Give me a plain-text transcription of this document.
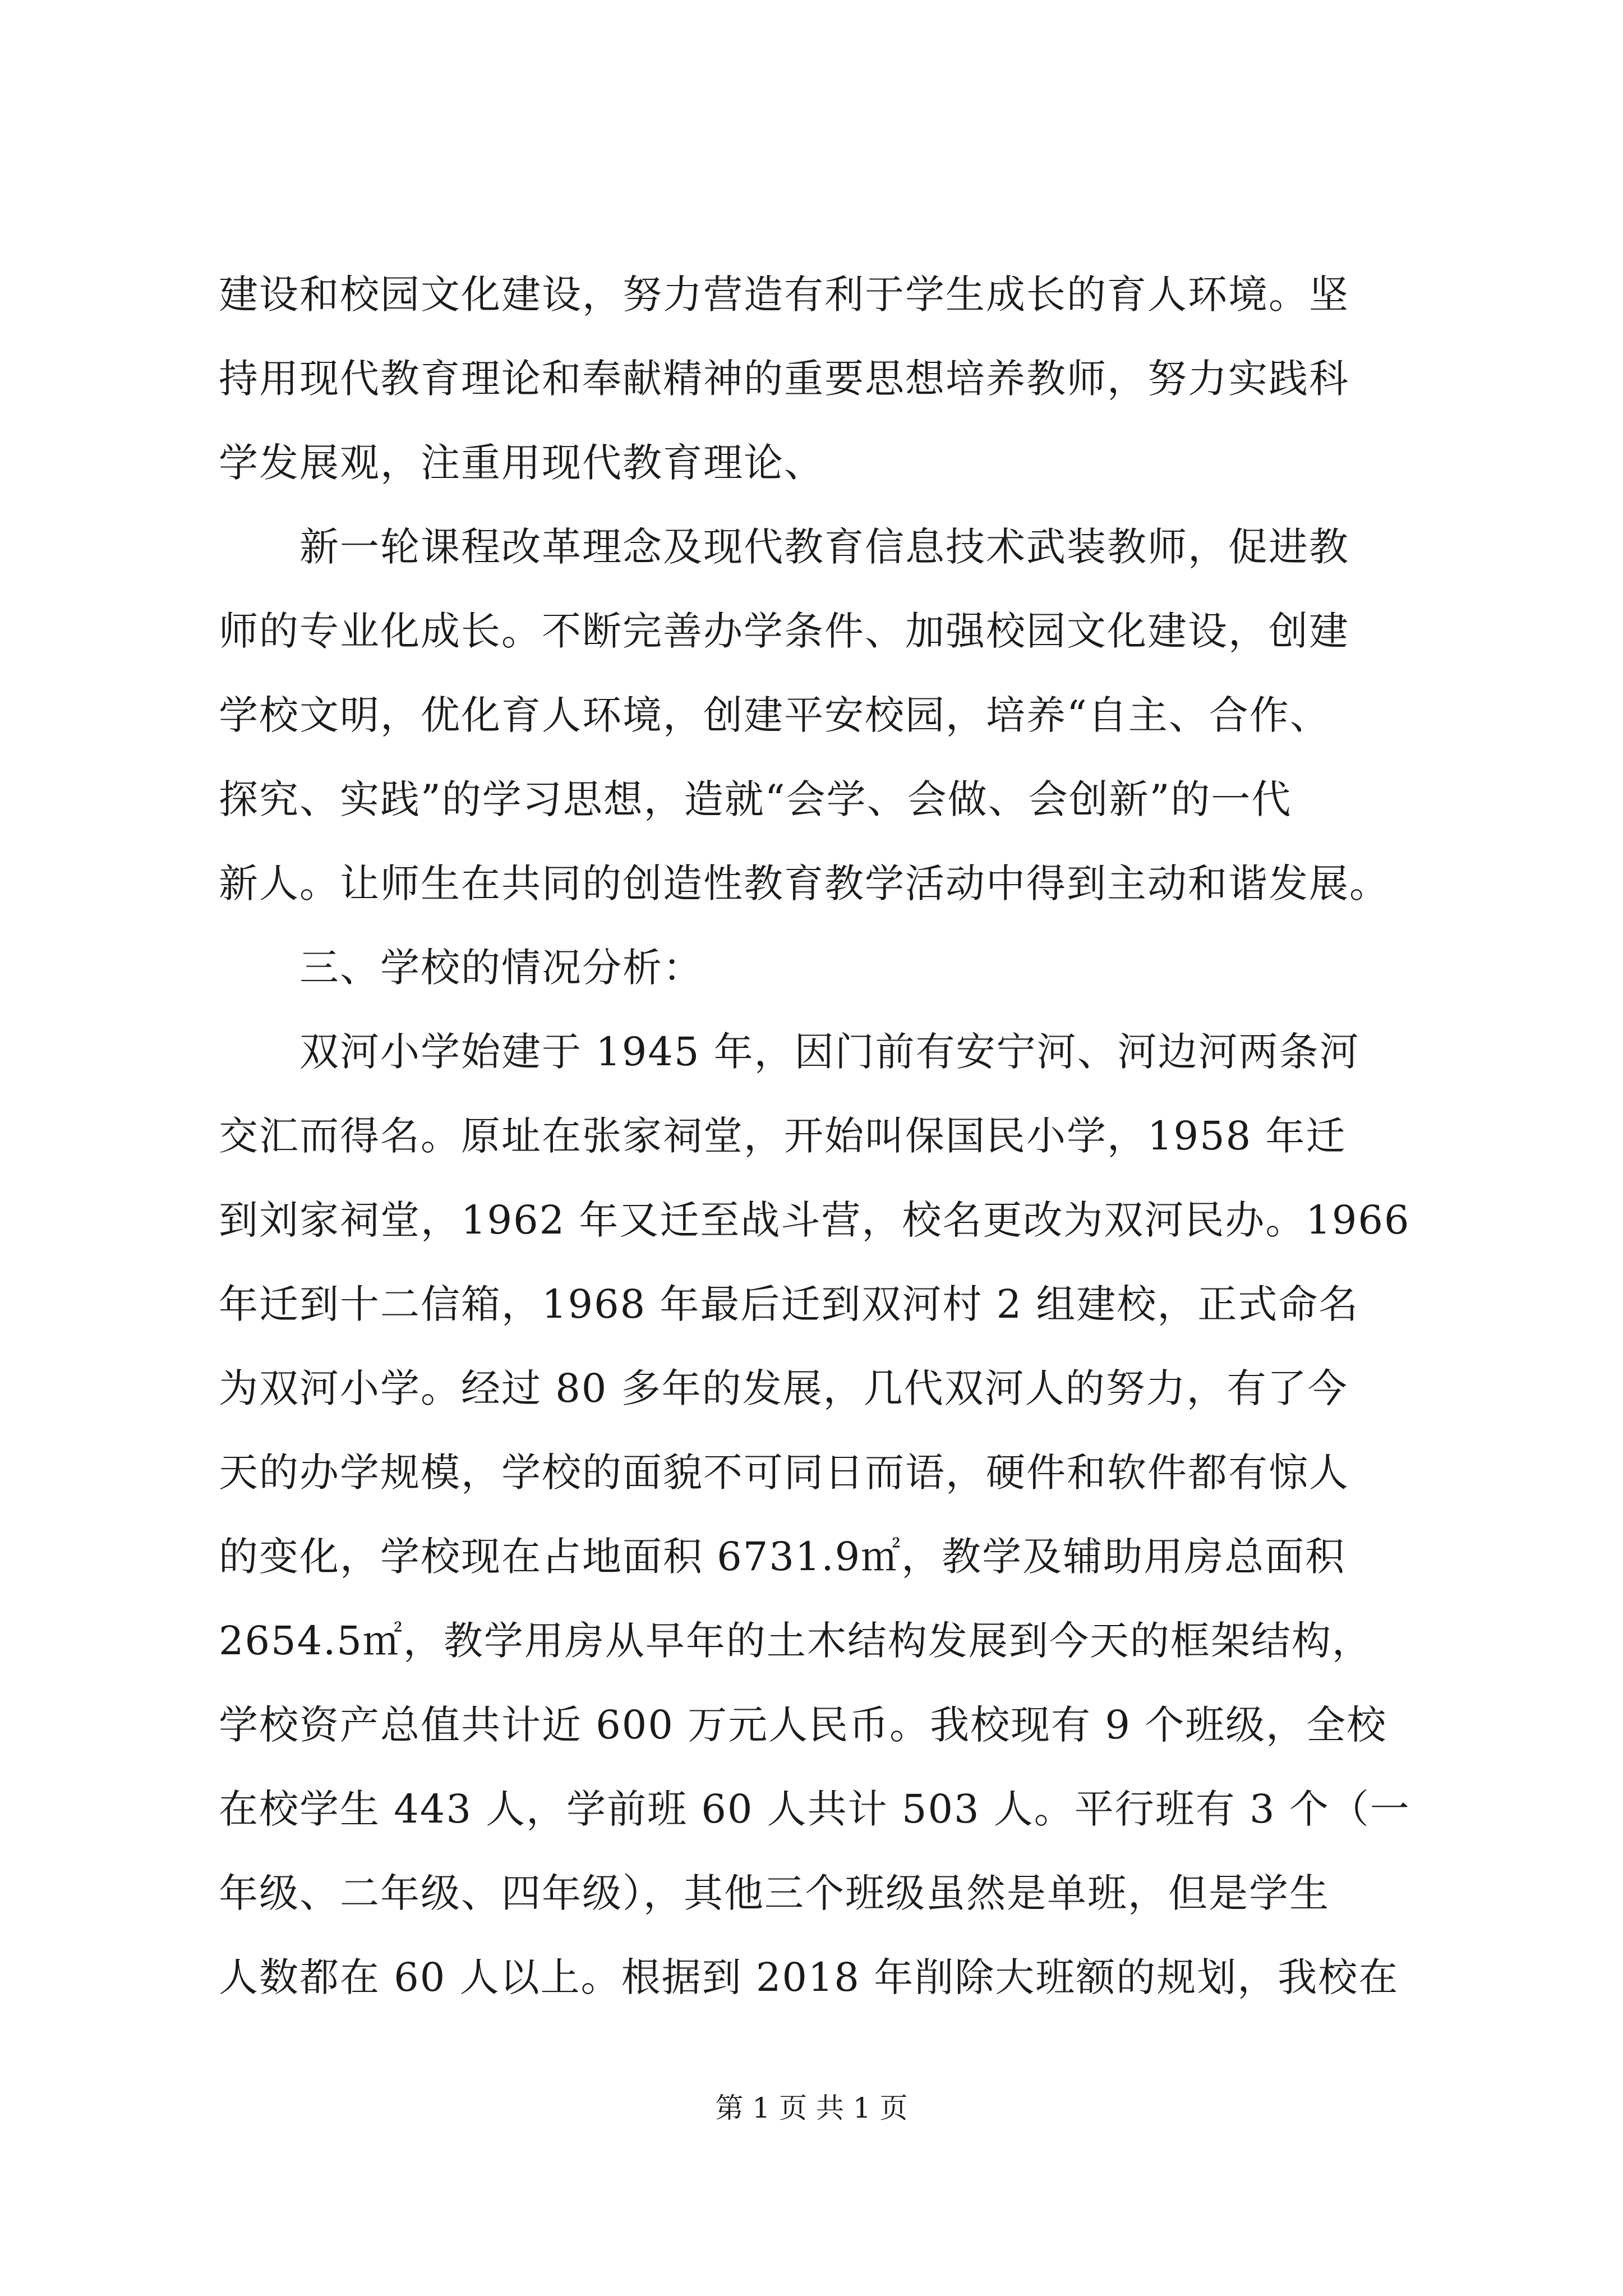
建设和校园文化建设，努力营造有利于学生成长的育人环境。坚
持用现代教育理论和奉献精神的重要思想培养教师，努力实践科
学发展观，注重用现代教育理论、
　　新一轮课程改革理念及现代教育信息技术武装教师，促进教
师的专业化成长。不断完善办学条件、加强校园文化建设，创建
学校文明，优化育人环境，创建平安校园，培养“自主、合作、
探究、实践”的学习思想，造就“会学、会做、会创新”的一代
新人。让师生在共同的创造性教育教学活动中得到主动和谐发展。
　　三、学校的情况分析：
　　双河小学始建于 1945 年，因门前有安宁河、河边河两条河
交汇而得名。原址在张家祠堂，开始叫保国民小学，1958 年迁
到刘家祠堂，1962 年又迁至战斗营，校名更改为双河民办。1966
年迁到十二信箱，1968 年最后迁到双河村 2 组建校，正式命名
为双河小学。经过 80 多年的发展，几代双河人的努力，有了今
天的办学规模，学校的面貌不可同日而语，硬件和软件都有惊人
的变化，学校现在占地面积 6731.9㎡，教学及辅助用房总面积
2654.5㎡，教学用房从早年的土木结构发展到今天的框架结构，
学校资产总值共计近 600 万元人民币。我校现有 9 个班级，全校
在校学生 443 人，学前班 60 人共计 503 人。平行班有 3 个（一
年级、二年级、四年级），其他三个班级虽然是单班，但是学生
人数都在 60 人以上。根据到 2018 年削除大班额的规划，我校在

第 1 页 共 1 页
